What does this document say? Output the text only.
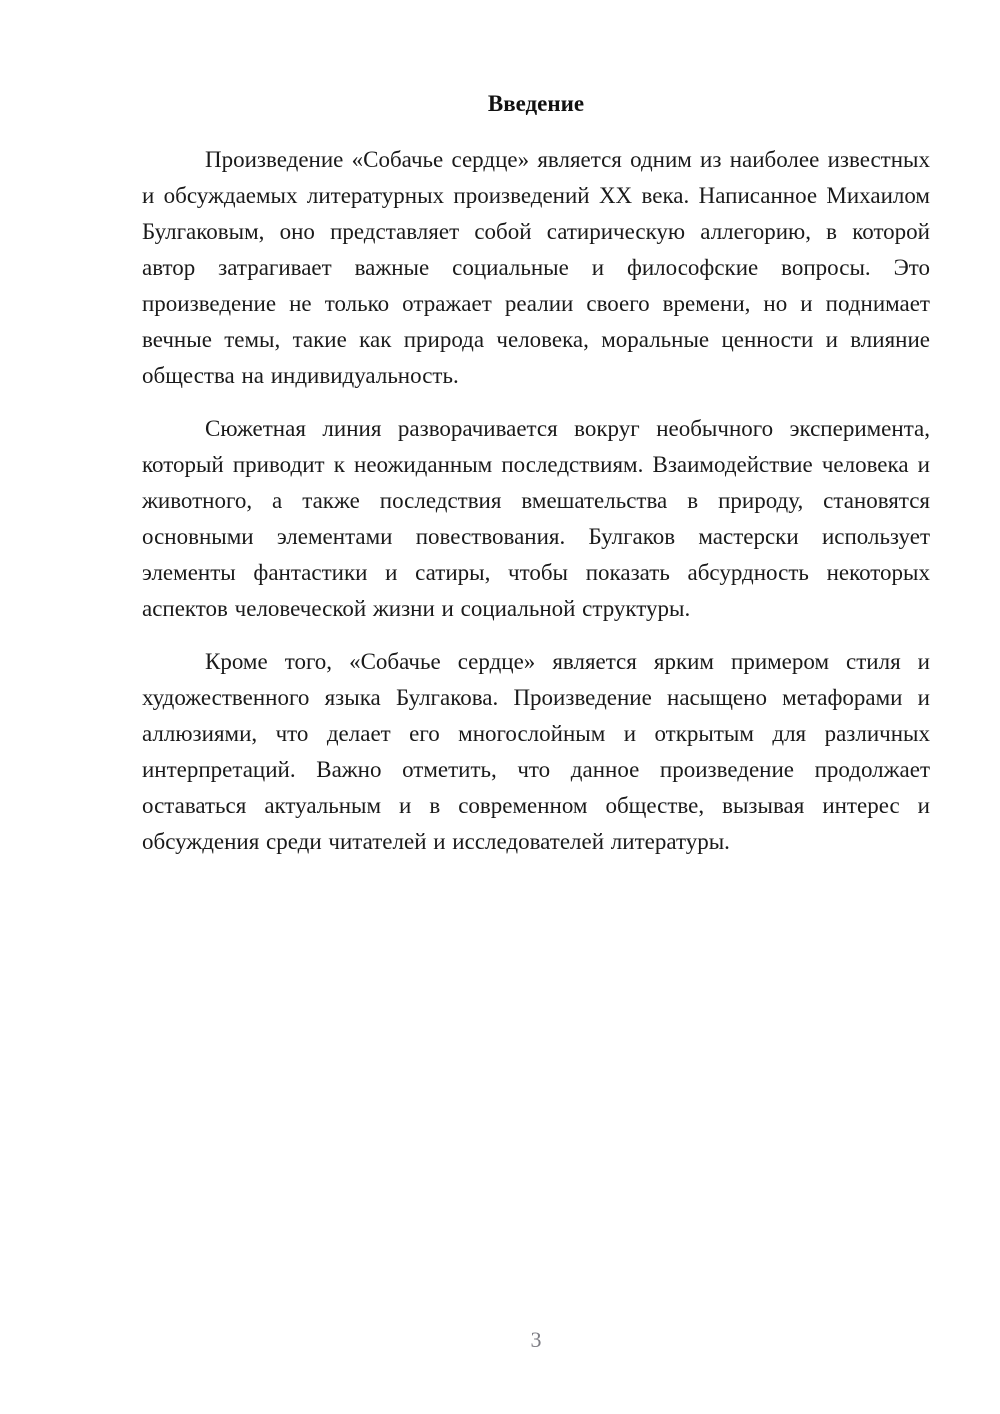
Введение

Произведение «Собачье сердце» является одним из наиболее известных и обсуждаемых литературных произведений XX века. Написанное Михаилом Булгаковым, оно представляет собой сатирическую аллегорию, в которой автор затрагивает важные социальные и философские вопросы. Это произведение не только отражает реалии своего времени, но и поднимает вечные темы, такие как природа человека, моральные ценности и влияние общества на индивидуальность.

Сюжетная линия разворачивается вокруг необычного эксперимента, который приводит к неожиданным последствиям. Взаимодействие человека и животного, а также последствия вмешательства в природу, становятся основными элементами повествования. Булгаков мастерски использует элементы фантастики и сатиры, чтобы показать абсурдность некоторых аспектов человеческой жизни и социальной структуры.

Кроме того, «Собачье сердце» является ярким примером стиля и художественного языка Булгакова. Произведение насыщено метафорами и аллюзиями, что делает его многослойным и открытым для различных интерпретаций. Важно отметить, что данное произведение продолжает оставаться актуальным и в современном обществе, вызывая интерес и обсуждения среди читателей и исследователей литературы.

3
